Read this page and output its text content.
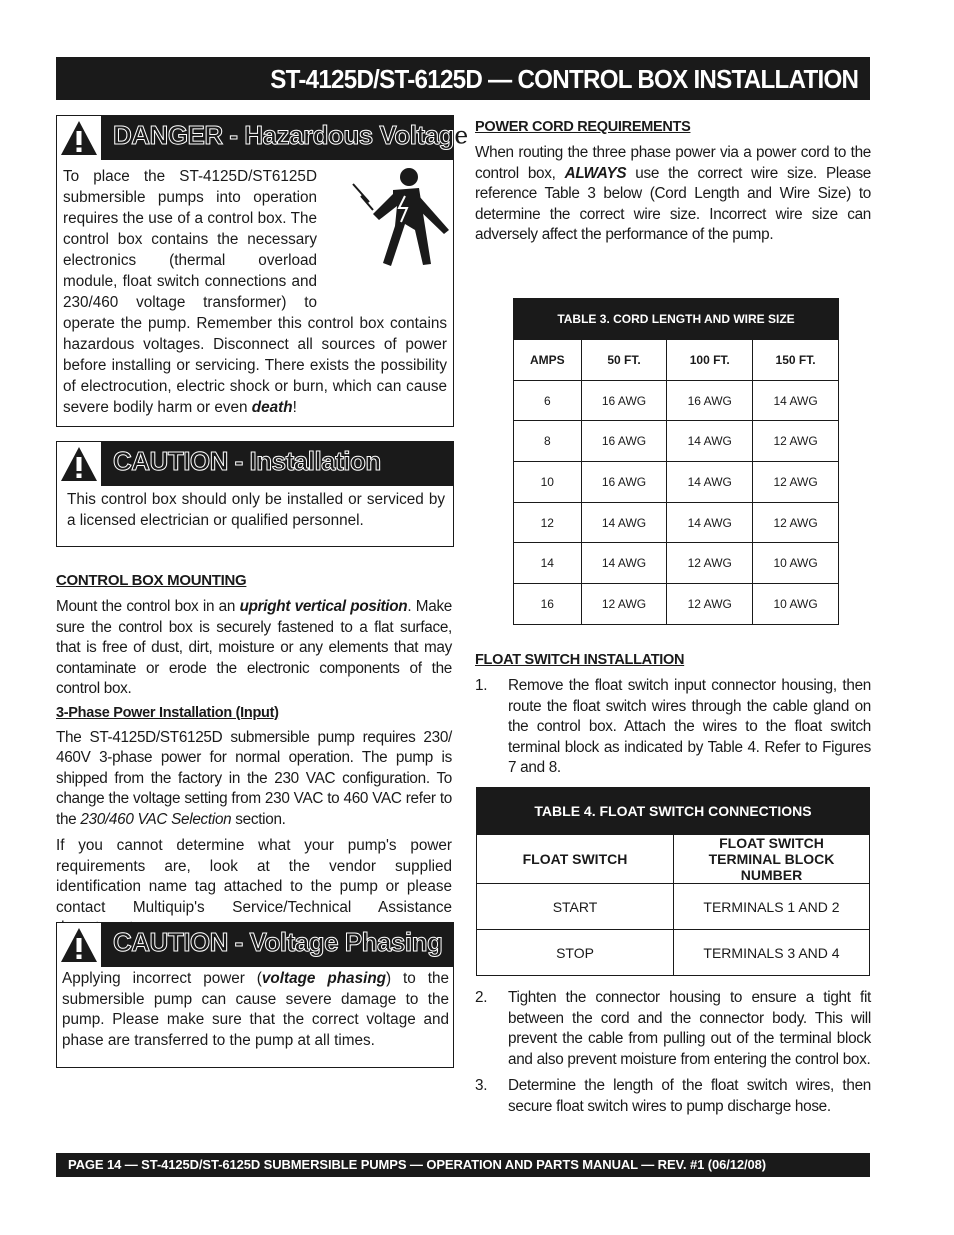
ST-4125D/ST-6125D — CONTROL BOX INSTALLATION
DANGER - Hazardous Voltage
To place the ST-4125D/ST6125D submersible pumps into operation requires the use of a control box. The control box contains the necessary electronics (thermal overload module, float switch connections and 230/460 voltage transformer) to operate the pump. Remember this control box contains hazardous voltages. Disconnect all sources of power before installing or servicing. There exists the possibility of electrocution, electric shock or burn, which can cause severe bodily harm or even death!
CAUTION - Installation
This control box should only be installed or serviced by a licensed electrician or qualified personnel.
CONTROL BOX MOUNTING
Mount the control box in an upright vertical position. Make sure the control box is securely fastened to a flat surface, that is free of dust, dirt, moisture or any elements that may contaminate or erode the electronic components of the control box.
3-Phase Power Installation (Input)
The ST-4125D/ST6125D submersible pump requires 230/ 460V 3-phase power for normal operation. The pump is shipped from the factory in the 230 VAC configuration. To change the voltage setting from 230 VAC to 460 VAC refer to the 230/460 VAC Selection section.
If you cannot determine what your pump's power requirements are, look at the vendor supplied identification name tag attached to the pump or please contact Multiquip's Service/Technical Assistance
CAUTION - Voltage Phasing
Applying incorrect power (voltage phasing) to the submersible pump can cause severe damage to the pump. Please make sure that the correct voltage and phase are transferred to the pump at all times.
POWER CORD REQUIREMENTS
When routing the three phase power via a power cord to the control box, ALWAYS use the correct wire size. Please reference Table 3 below (Cord Length and Wire Size) to determine the correct wire size. Incorrect wire size can adversely affect the performance of the pump.
TABLE 3. CORD LENGTH AND WIRE SIZE			
AMPS	50 FT.	100 FT.	150 FT.
6	16 AWG	16 AWG	14 AWG
8	16 AWG	14 AWG	12 AWG
10	16 AWG	14 AWG	12 AWG
12	14 AWG	14 AWG	12 AWG
14	14 AWG	12 AWG	10 AWG
16	12 AWG	12 AWG	10 AWG
FLOAT SWITCH INSTALLATION
1. Remove the float switch input connector housing, then route the float switch wires through the cable gland on the control box. Attach the wires to the float switch terminal block as indicated by Table 4. Refer to Figures 7 and 8.
TABLE 4. FLOAT SWITCH CONNECTIONS	
FLOAT SWITCH	FLOAT SWITCH TERMINAL BLOCK NUMBER
START	TERMINALS 1 AND 2
STOP	TERMINALS 3 AND 4
2. Tighten the connector housing to ensure a tight fit between the cord and the connector body. This will prevent the cable from pulling out of the terminal block and also prevent moisture from entering the control box.
3. Determine the length of the float switch wires, then secure float switch wires to pump discharge hose.
PAGE 14 — ST-4125D/ST-6125D SUBMERSIBLE PUMPS — OPERATION AND PARTS MANUAL — REV. #1 (06/12/08)
